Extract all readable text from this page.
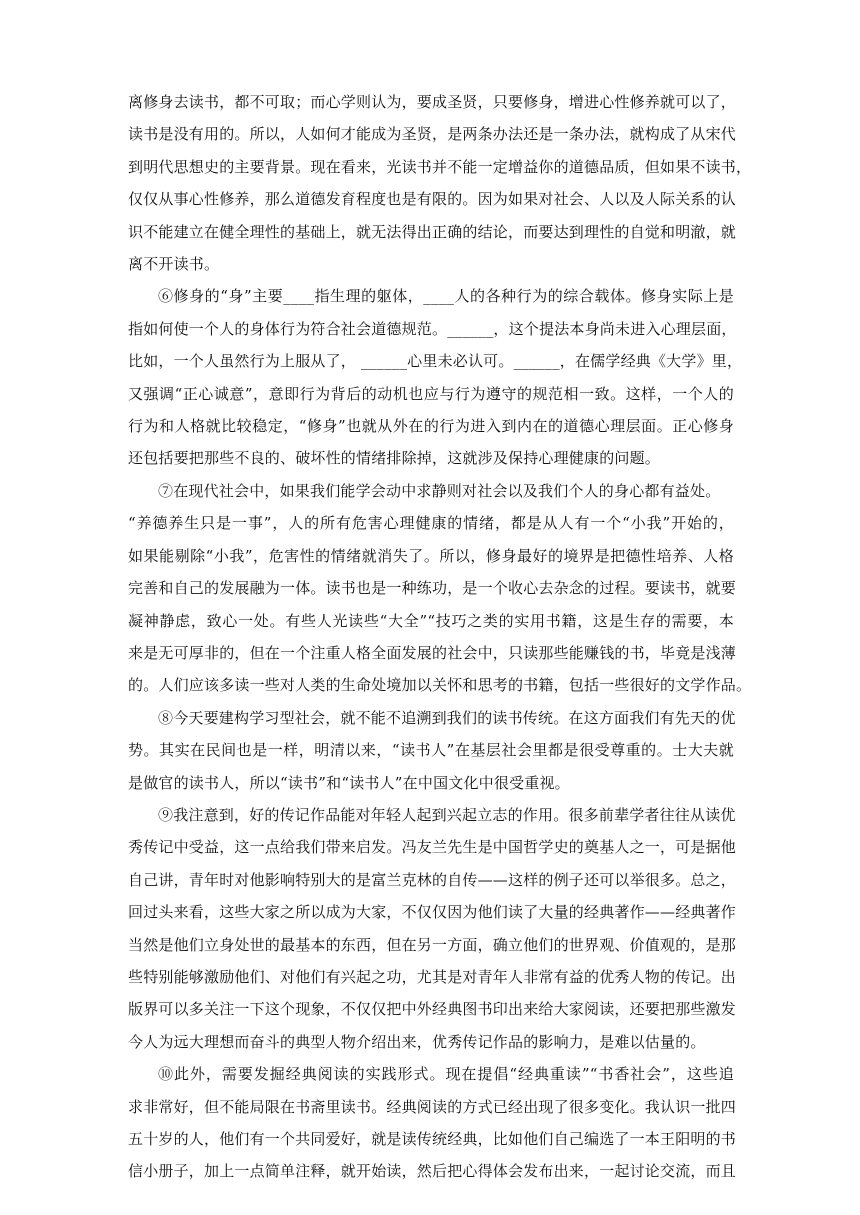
离修身去读书，都不可取；而心学则认为，要成圣贤，只要修身，增进心性修养就可以了，
读书是没有用的。所以，人如何才能成为圣贤，是两条办法还是一条办法，就构成了从宋代
到明代思想史的主要背景。现在看来，光读书并不能一定增益你的道德品质，但如果不读书，
仅仅从事心性修养，那么道德发育程度也是有限的。因为如果对社会、人以及人际关系的认
识不能建立在健全理性的基础上，就无法得出正确的结论，而要达到理性的自觉和明澈，就
离不开读书。

⑥修身的“身”主要____指生理的躯体，____人的各种行为的综合载体。修身实际上是
指如何使一个人的身体行为符合社会道德规范。______，这个提法本身尚未进入心理层面，
比如，一个人虽然行为上服从了， ______心里未必认可。______，在儒学经典《大学》里，
又强调“正心诚意”，意即行为背后的动机也应与行为遵守的规范相一致。这样，一个人的
行为和人格就比较稳定，“修身”也就从外在的行为进入到内在的道德心理层面。正心修身
还包括要把那些不良的、破坏性的情绪排除掉，这就涉及保持心理健康的问题。

⑦在现代社会中，如果我们能学会动中求静则对社会以及我们个人的身心都有益处。
“养德养生只是一事”，人的所有危害心理健康的情绪，都是从人有一个“小我”开始的，
如果能剔除“小我”，危害性的情绪就消失了。所以，修身最好的境界是把德性培养、人格
完善和自己的发展融为一体。读书也是一种练功，是一个收心去杂念的过程。要读书，就要
凝神静虑，致心一处。有些人光读些“大全”“技巧之类的实用书籍，这是生存的需要，本
来是无可厚非的，但在一个注重人格全面发展的社会中，只读那些能赚钱的书，毕竟是浅薄
的。人们应该多读一些对人类的生命处境加以关怀和思考的书籍，包括一些很好的文学作品。

⑧今天要建构学习型社会，就不能不追溯到我们的读书传统。在这方面我们有先天的优
势。其实在民间也是一样，明清以来，“读书人”在基层社会里都是很受尊重的。士大夫就
是做官的读书人，所以“读书”和“读书人”在中国文化中很受重视。

⑨我注意到，好的传记作品能对年轻人起到兴起立志的作用。很多前辈学者往往从读优
秀传记中受益，这一点给我们带来启发。冯友兰先生是中国哲学史的奠基人之一，可是据他
自己讲，青年时对他影响特别大的是富兰克林的自传——这样的例子还可以举很多。总之，
回过头来看，这些大家之所以成为大家，不仅仅因为他们读了大量的经典著作——经典著作
当然是他们立身处世的最基本的东西，但在另一方面，确立他们的世界观、价值观的，是那
些特别能够激励他们、对他们有兴起之功，尤其是对青年人非常有益的优秀人物的传记。出
版界可以多关注一下这个现象，不仅仅把中外经典图书印出来给大家阅读，还要把那些激发
今人为远大理想而奋斗的典型人物介绍出来，优秀传记作品的影响力，是难以估量的。

⑩此外，需要发掘经典阅读的实践形式。现在提倡“经典重读”“书香社会”，这些追
求非常好，但不能局限在书斋里读书。经典阅读的方式已经出现了很多变化。我认识一批四
五十岁的人，他们有一个共同爱好，就是读传统经典，比如他们自己编选了一本王阳明的书
信小册子，加上一点简单注释，就开始读，然后把心得体会发布出来，一起讨论交流，而且
